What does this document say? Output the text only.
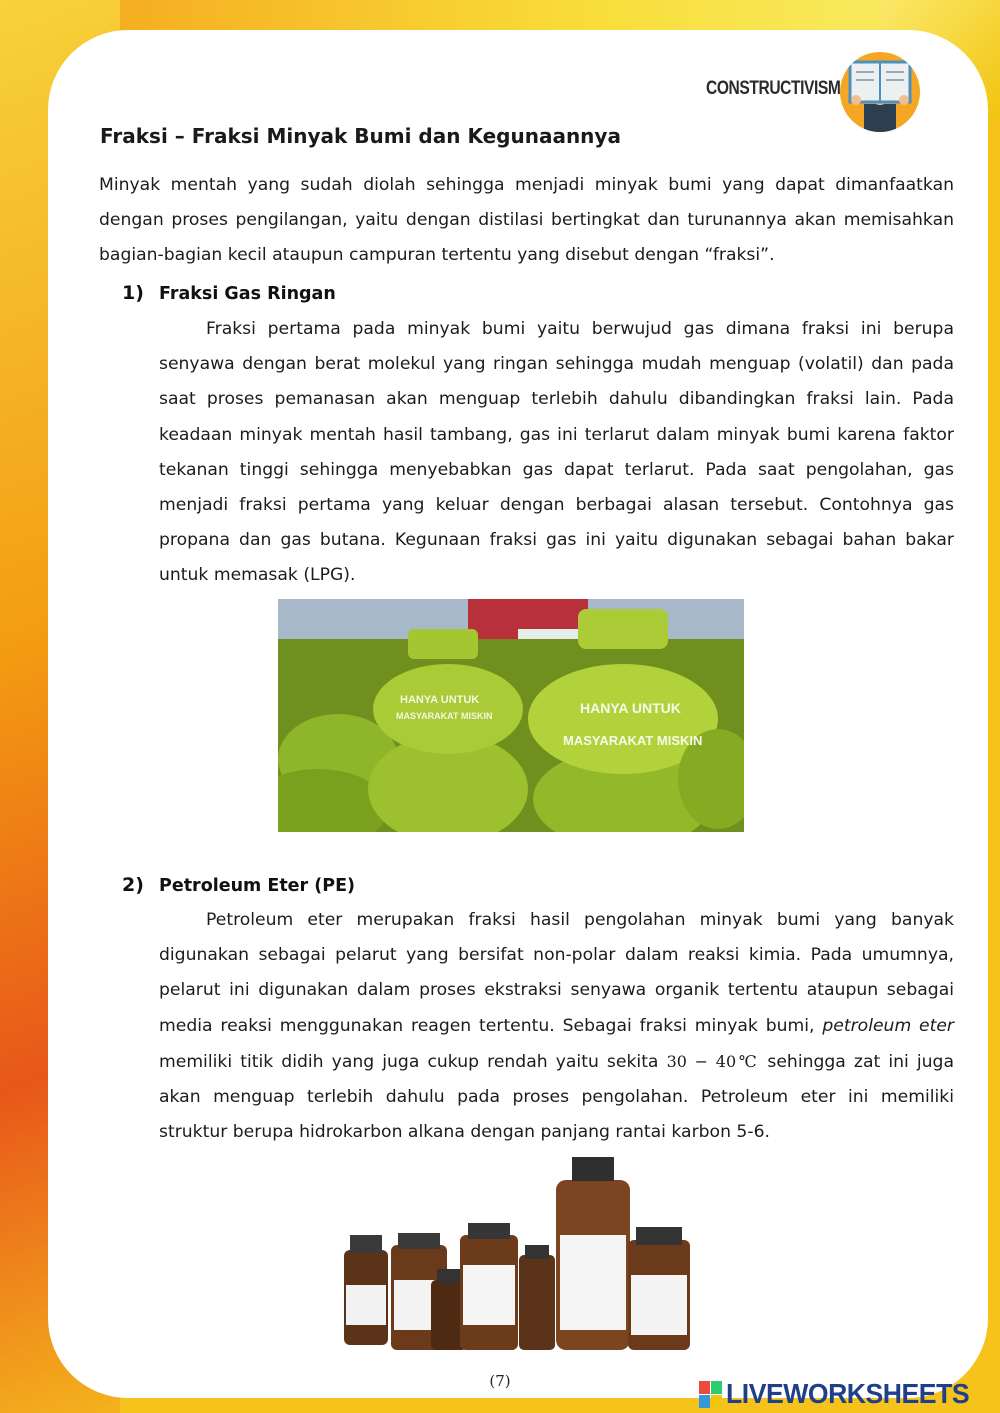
CONSTRUCTIVISM
Fraksi – Fraksi Minyak Bumi dan Kegunaannya

Minyak mentah yang sudah diolah sehingga menjadi minyak bumi yang dapat dimanfaatkan dengan proses pengilangan, yaitu dengan distilasi bertingkat dan turunannya akan memisahkan bagian-bagian kecil ataupun campuran tertentu yang disebut dengan “fraksi”.

1) Fraksi Gas Ringan

Fraksi pertama pada minyak bumi yaitu berwujud gas dimana fraksi ini berupa senyawa dengan berat molekul yang ringan sehingga mudah menguap (volatil) dan pada saat proses pemanasan akan menguap terlebih dahulu dibandingkan fraksi lain. Pada keadaan minyak mentah hasil tambang, gas ini terlarut dalam minyak bumi karena faktor tekanan tinggi sehingga menyebabkan gas dapat terlarut. Pada saat pengolahan, gas menjadi fraksi pertama yang keluar dengan berbagai alasan tersebut. Contohnya gas propana dan gas butana. Kegunaan fraksi gas ini yaitu digunakan sebagai bahan bakar untuk memasak (LPG).

HANYA UNTUK
MASYARAKAT MISKIN	HANYA UNTUK
MASYARAKAT MISKIN
2) Petroleum Eter (PE)

Petroleum eter merupakan fraksi hasil pengolahan minyak bumi yang banyak digunakan sebagai pelarut yang bersifat non-polar dalam reaksi kimia. Pada umumnya, pelarut ini digunakan dalam proses ekstraksi senyawa organik tertentu ataupun sebagai media reaksi menggunakan reagen tertentu. Sebagai fraksi minyak bumi, petroleum eter memiliki titik didih yang juga cukup rendah yaitu sekita 30 − 40℃ sehingga zat ini juga akan menguap terlebih dahulu pada proses pengolahan. Petroleum eter ini memiliki struktur berupa hidrokarbon alkana dengan panjang rantai karbon 5-6.

(7)	LIVEWORKSHEETS
